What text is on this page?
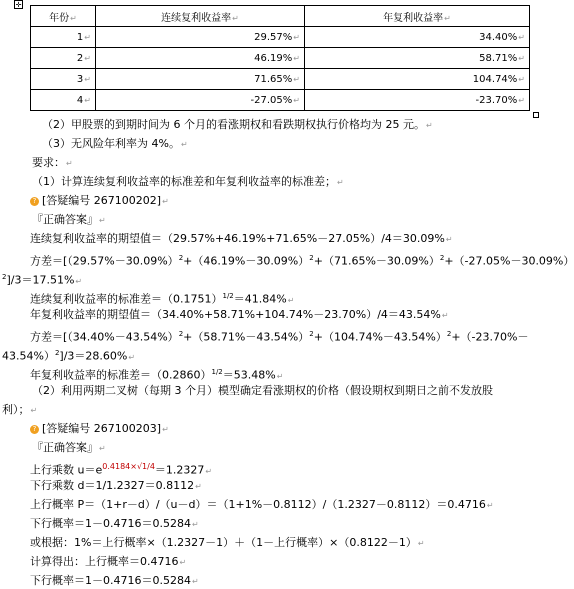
✛
年份↵	连续复利收益率↵	年复利收益率↵
1↵	29.57%↵	34.40%↵
2↵	46.19%↵	58.71%↵
3↵	71.65%↵	104.74%↵
4↵	-27.05%↵	-23.70%↵
（2）甲股票的到期时间为 6 个月的看涨期权和看跌期权执行价格均为 25 元。↵
（3）无风险年利率为 4%。↵
要求：↵
（1）计算连续复利收益率的标准差和年复利收益率的标准差；↵
? [答疑编号 267100202]↵
『正确答案』↵
连续复利收益率的期望值＝（29.57%+46.19%+71.65%－27.05%）/4＝30.09%↵
方差$=[(29.57\%-30.09\%)^2+(46.19\%-30.09\%)^2+(71.65\%-30.09\%)^2+(-27.05\%-30.09\%)$
$^2$]/3＝17.51%↵
连续复利收益率的标准差$=(0.1751)^{1/2}=41.84\%↵$
年复利收益率的期望值＝（34.40%+58.71%+104.74%－23.70%）/4＝43.54%↵
方差$=[(34.40\%-43.54\%)^2+(58.71\%-43.54\%)^2+(104.74\%-43.54\%)^2+(-23.70\%-$
43.54%）$^2$]/3＝28.60%↵
年复利收益率的标准差$=(0.2860)^{1/2}=53.48\%↵$
（2）利用两期二叉树（每期 3 个月）模型确定看涨期权的价格（假设期权到期日之前不发放股
利）；↵
? [答疑编号 267100203]↵
『正确答案』↵
上行乘数 $u=e^{0.4184\times√1/4}=1.2327↵$
下行乘数 d＝1/1.2327＝0.8112↵
上行概率 P＝（1+r－d）/（u－d）＝（1+1%－0.8112）/（1.2327－0.8112）＝0.4716↵
下行概率＝1－0.4716＝0.5284↵
或根据：1%＝上行概率×（1.2327－1）＋（1－上行概率）×（0.8122－1）↵
计算得出：上行概率＝0.4716↵
下行概率＝1－0.4716＝0.5284↵
